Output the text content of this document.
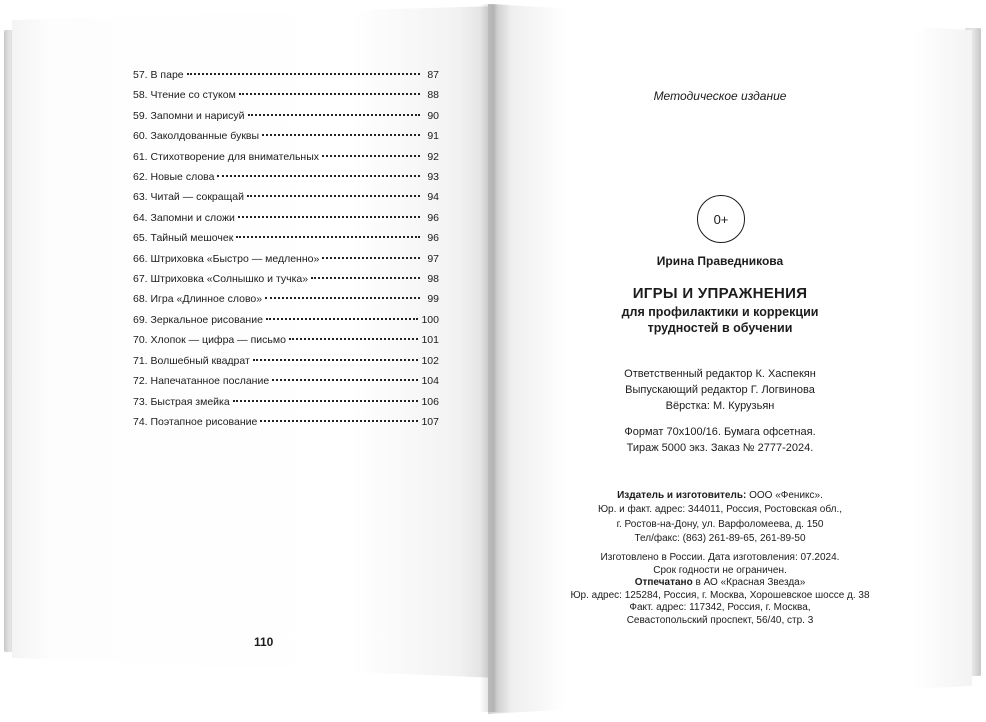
57. В паре	87
58. Чтение со стуком	88
59. Запомни и нарисуй	90
60. Заколдованные буквы	91
61. Стихотворение для внимательных	92
62. Новые слова	93
63. Читай — сокращай	94
64. Запомни и сложи	96
65. Тайный мешочек	96
66. Штриховка «Быстро — медленно»	97
67. Штриховка «Солнышко и тучка»	98
68. Игра «Длинное слово»	99
69. Зеркальное рисование	100
70. Хлопок — цифра — письмо	101
71. Волшебный квадрат	102
72. Напечатанное послание	104
73. Быстрая змейка	106
74. Поэтапное рисование	107
110
Методическое издание
0+
Ирина Праведникова
ИГРЫ И УПРАЖНЕНИЯ
для профилактики и коррекции
трудностей в обучении
Ответственный редактор К. Хаспекян
Выпускающий редактор Г. Логвинова
Вёрстка: М. Курузьян
Формат 70х100/16. Бумага офсетная.
Тираж 5000 экз. Заказ № 2777-2024.
Издатель и изготовитель: ООО «Феникс».
Юр. и факт. адрес: 344011, Россия, Ростовская обл.,
г. Ростов-на-Дону, ул. Варфоломеева, д. 150
Тел/факс: (863) 261-89-65, 261-89-50
Изготовлено в России. Дата изготовления: 07.2024.
Срок годности не ограничен.
Отпечатано в АО «Красная Звезда»
Юр. адрес: 125284, Россия, г. Москва, Хорошевское шоссе д. 38
Факт. адрес: 117342, Россия, г. Москва,
Севастопольский проспект, 56/40, стр. 3
